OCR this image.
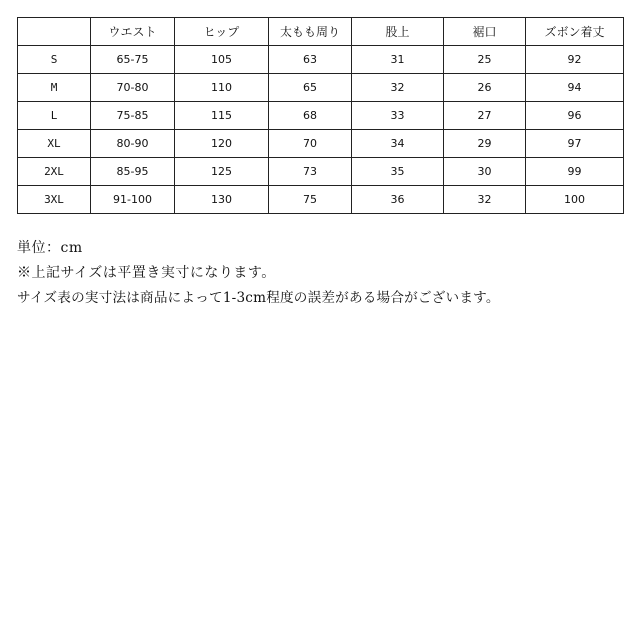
	ウエスト	ヒップ	太もも周り	股上	裾口	ズボン着丈
S	65-75	105	63	31	25	92
M	70-80	110	65	32	26	94
L	75-85	115	68	33	27	96
XL	80-90	120	70	34	29	97
2XL	85-95	125	73	35	30	99
3XL	91-100	130	75	36	32	100
単位：cm
※上記サイズは平置き実寸になります。
サイズ表の実寸法は商品によって1-3cm程度の誤差がある場合がございます。
